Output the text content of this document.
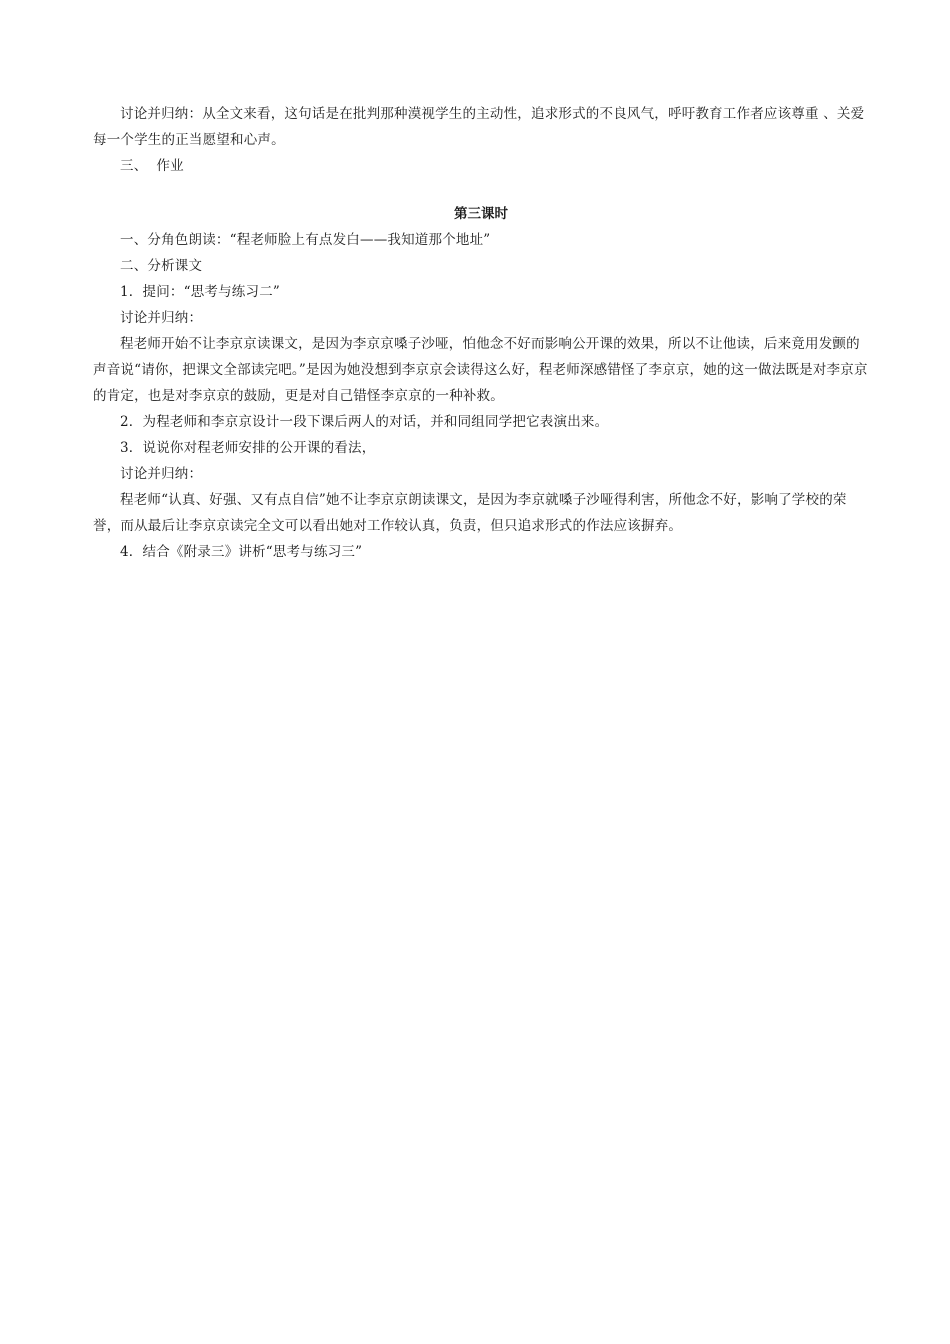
讨论并归纳：从全文来看，这句话是在批判那种漠视学生的主动性，追求形式的不良风气，呼吁教育工作者应该尊重 、关爱每一个学生的正当愿望和心声。

三、  作业

第三课时

一、分角色朗读：“程老师脸上有点发白——我知道那个地址”

二、分析课文

1．提问：“思考与练习二”

讨论并归纳：

程老师开始不让李京京读课文，是因为李京京嗓子沙哑，怕他念不好而影响公开课的效果，所以不让他读，后来竟用发颤的声音说“请你，把课文全部读完吧。”是因为她没想到李京京会读得这么好，程老师深感错怪了李京京，她的这一做法既是对李京京的肯定，也是对李京京的鼓励，更是对自己错怪李京京的一种补救。

2．为程老师和李京京设计一段下课后两人的对话，并和同组同学把它表演出来。

3．说说你对程老师安排的公开课的看法，

讨论并归纳：

程老师“认真、好强、又有点自信”她不让李京京朗读课文，是因为李京就嗓子沙哑得利害，所他念不好，影响了学校的荣誉，而从最后让李京京读完全文可以看出她对工作较认真，负责，但只追求形式的作法应该摒弃。

4．结合《附录三》讲析“思考与练习三”
